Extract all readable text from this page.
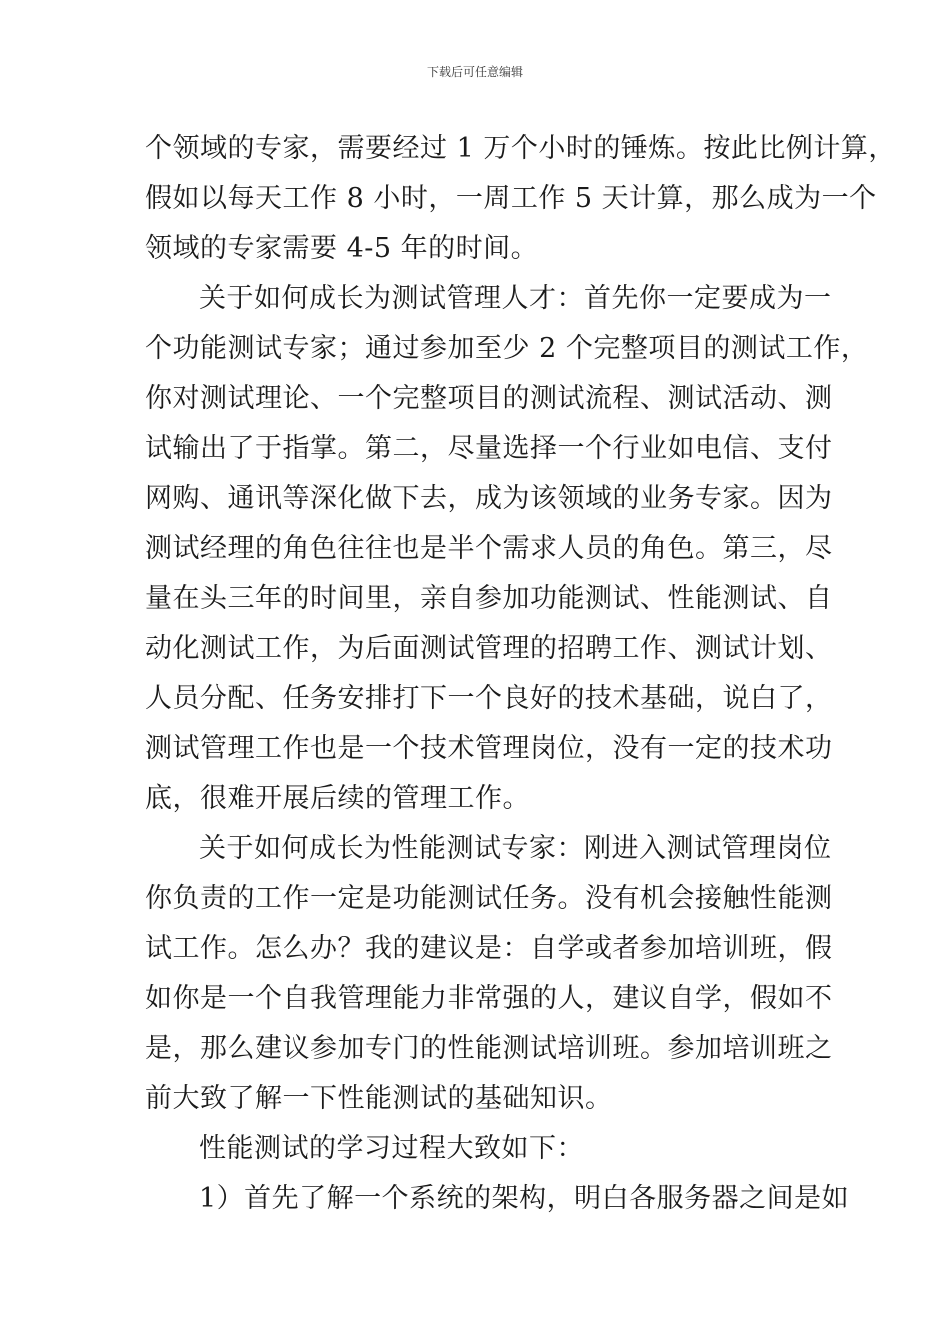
下载后可任意编辑
个领域的专家，需要经过 1 万个小时的锤炼。按此比例计算，
假如以每天工作 8 小时，一周工作 5 天计算，那么成为一个
领域的专家需要 4-5 年的时间。
关于如何成长为测试管理人才：首先你一定要成为一
个功能测试专家；通过参加至少 2 个完整项目的测试工作，
你对测试理论、一个完整项目的测试流程、测试活动、测
试输出了于指掌。第二，尽量选择一个行业如电信、支付
网购、通讯等深化做下去，成为该领域的业务专家。因为
测试经理的角色往往也是半个需求人员的角色。第三，尽
量在头三年的时间里，亲自参加功能测试、性能测试、自
动化测试工作，为后面测试管理的招聘工作、测试计划、
人员分配、任务安排打下一个良好的技术基础，说白了，
测试管理工作也是一个技术管理岗位，没有一定的技术功
底，很难开展后续的管理工作。
关于如何成长为性能测试专家：刚进入测试管理岗位
你负责的工作一定是功能测试任务。没有机会接触性能测
试工作。怎么办？我的建议是：自学或者参加培训班，假
如你是一个自我管理能力非常强的人，建议自学，假如不
是，那么建议参加专门的性能测试培训班。参加培训班之
前大致了解一下性能测试的基础知识。
性能测试的学习过程大致如下：
1）首先了解一个系统的架构，明白各服务器之间是如
